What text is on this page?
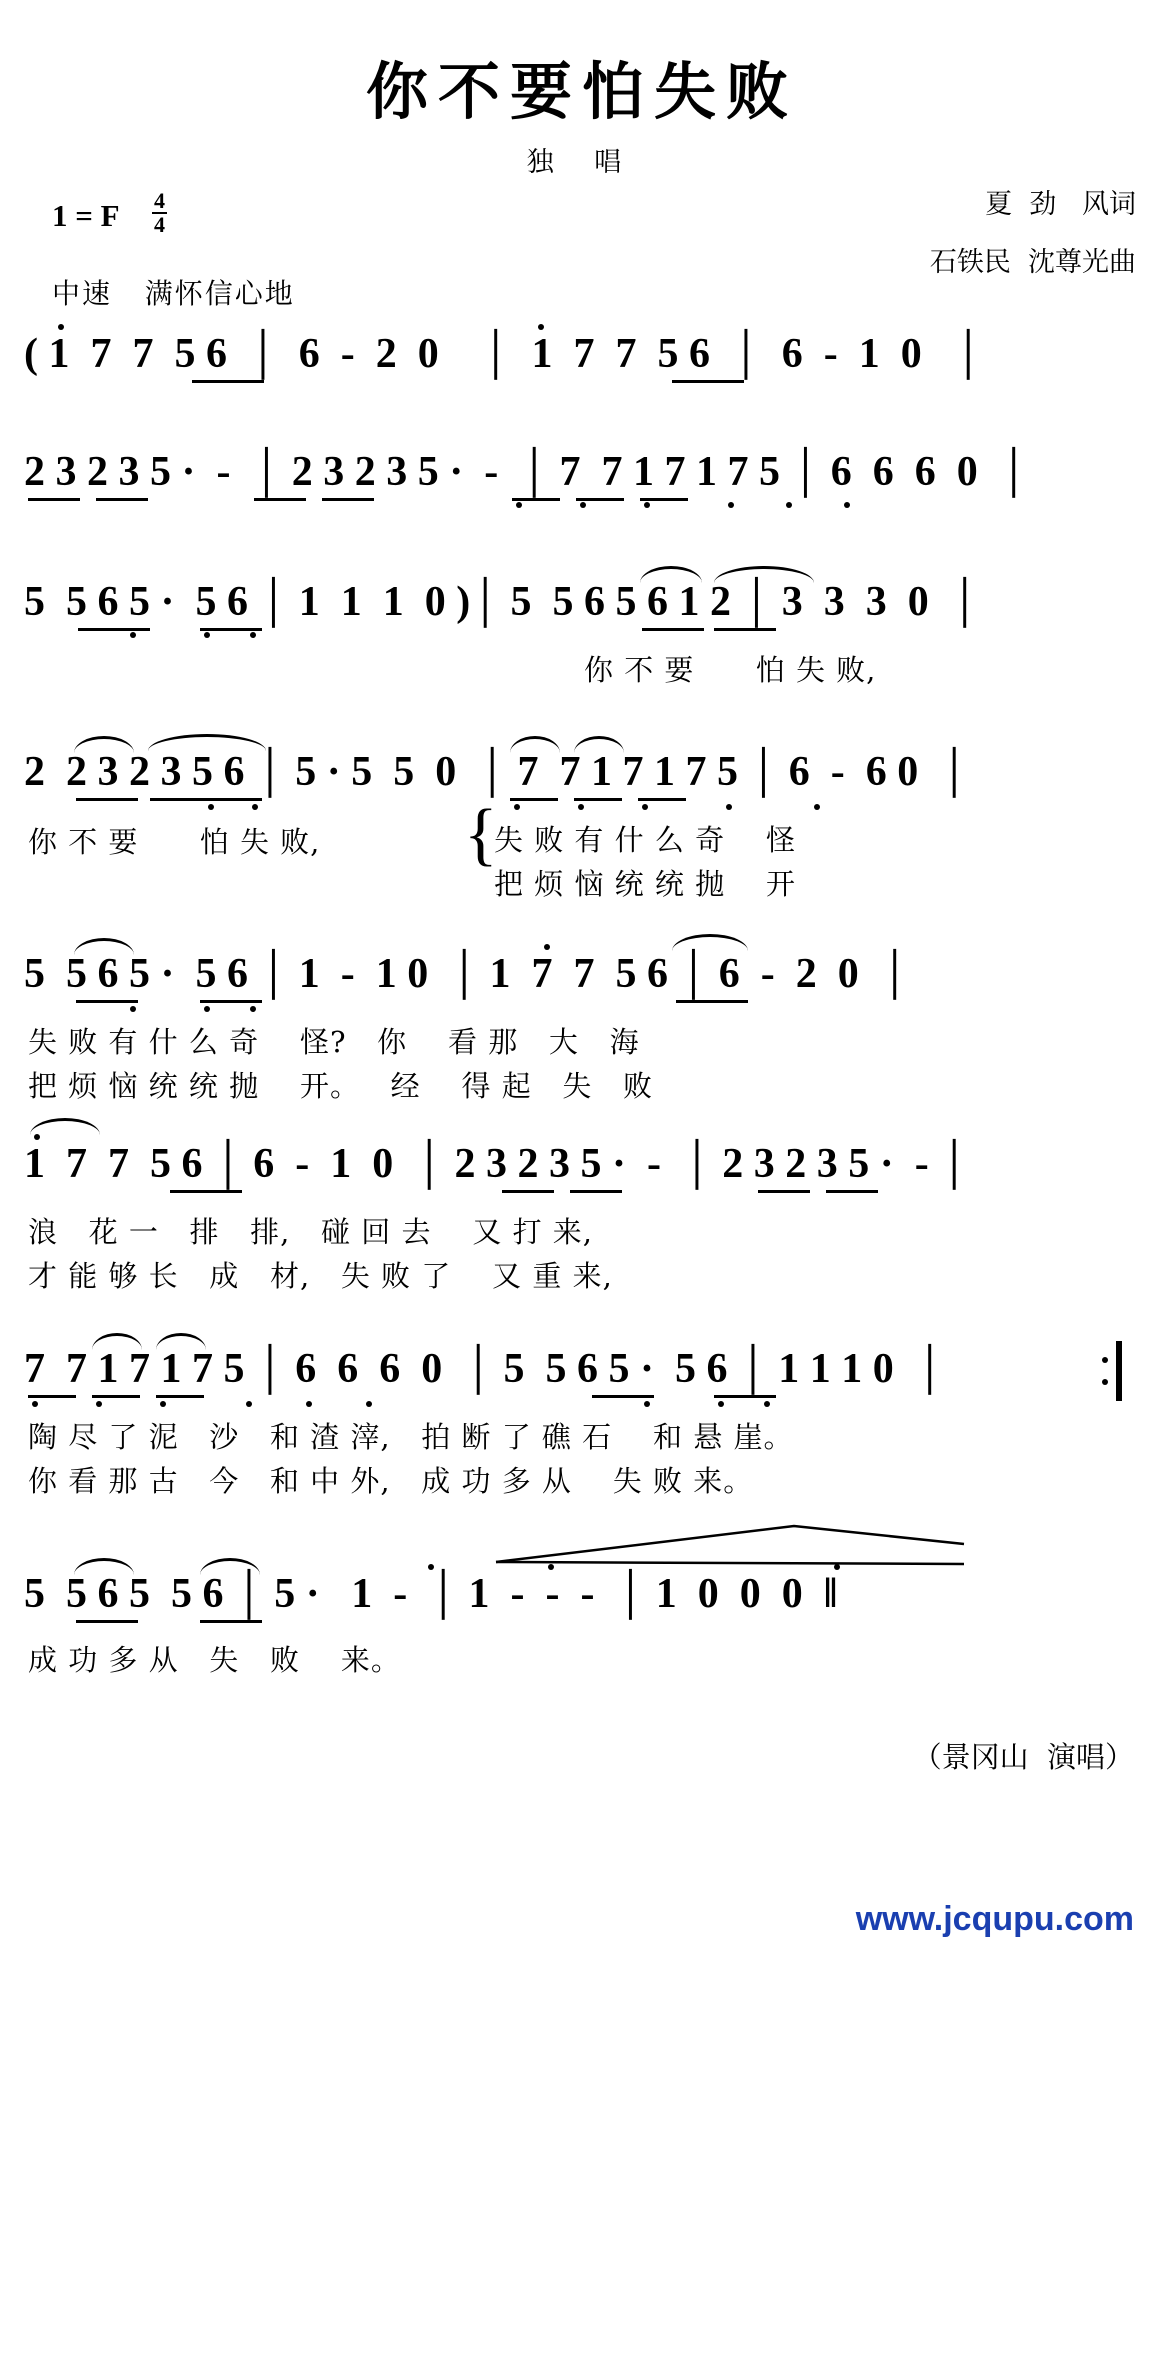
你不要怕失败
独 唱
夏  劲   风词
石铁民  沈尊光曲
1 = F $\frac{4}{4}$
中速   满怀信心地

( 1  7  7  5 6  │  6  -  2  0    │  1  7  7  5 6  │  6  -  1  0   │

2 3 2 3 5 ·  -  │ 2 3 2 3 5 ·  -  │ 7  7 1 7 1 7 5 │ 6  6  6  0  │

5  5 6 5 ·  5 6 │ 1  1  1  0 )│ 5  5 6 5 6 1 2 │ 3  3  3  0  │

你 不 要      怕 失 败,

2  2 3 2 3 5 6 │ 5 · 5  5  0  │ 7  7 1 7 1 7 5 │ 6  -  6 0  │

你 不 要      怕 失 败,

{

失 败 有 什 么 奇    怪

把 烦 恼 统 统 抛    开

5  5 6 5 ·  5 6 │ 1  -  1 0  │ 1  7  7  5 6 │ 6  -  2  0  │

失 败 有 什 么 奇    怪?   你    看 那   大   海

把 烦 恼 统 统 抛    开。   经    得 起   失   败

1  7  7  5 6 │ 6  -  1  0  │ 2 3 2 3 5 ·  -  │ 2 3 2 3 5 ·  - │

浪   花 一   排   排,   碰 回 去    又 打 来,

才 能 够 长   成   材,   失 败 了    又 重 来,

7  7 1 7 1 7 5 │ 6  6  6  0  │ 5  5 6 5 ·  5 6 │ 1 1 1 0  │

陶 尽 了 泥   沙   和 渣 滓,   拍 断 了 礁 石    和 悬 崖。

你 看 那 古   今   和 中 外,   成 功 多 从    失 败 来。

5  5 6 5  5 6 │ 5 ·   1  -  │ 1  -  -  -  │ 1  0  0  0  ‖

成 功 多 从   失   败    来。

（景冈山  演唱）
www.jcqupu.com
